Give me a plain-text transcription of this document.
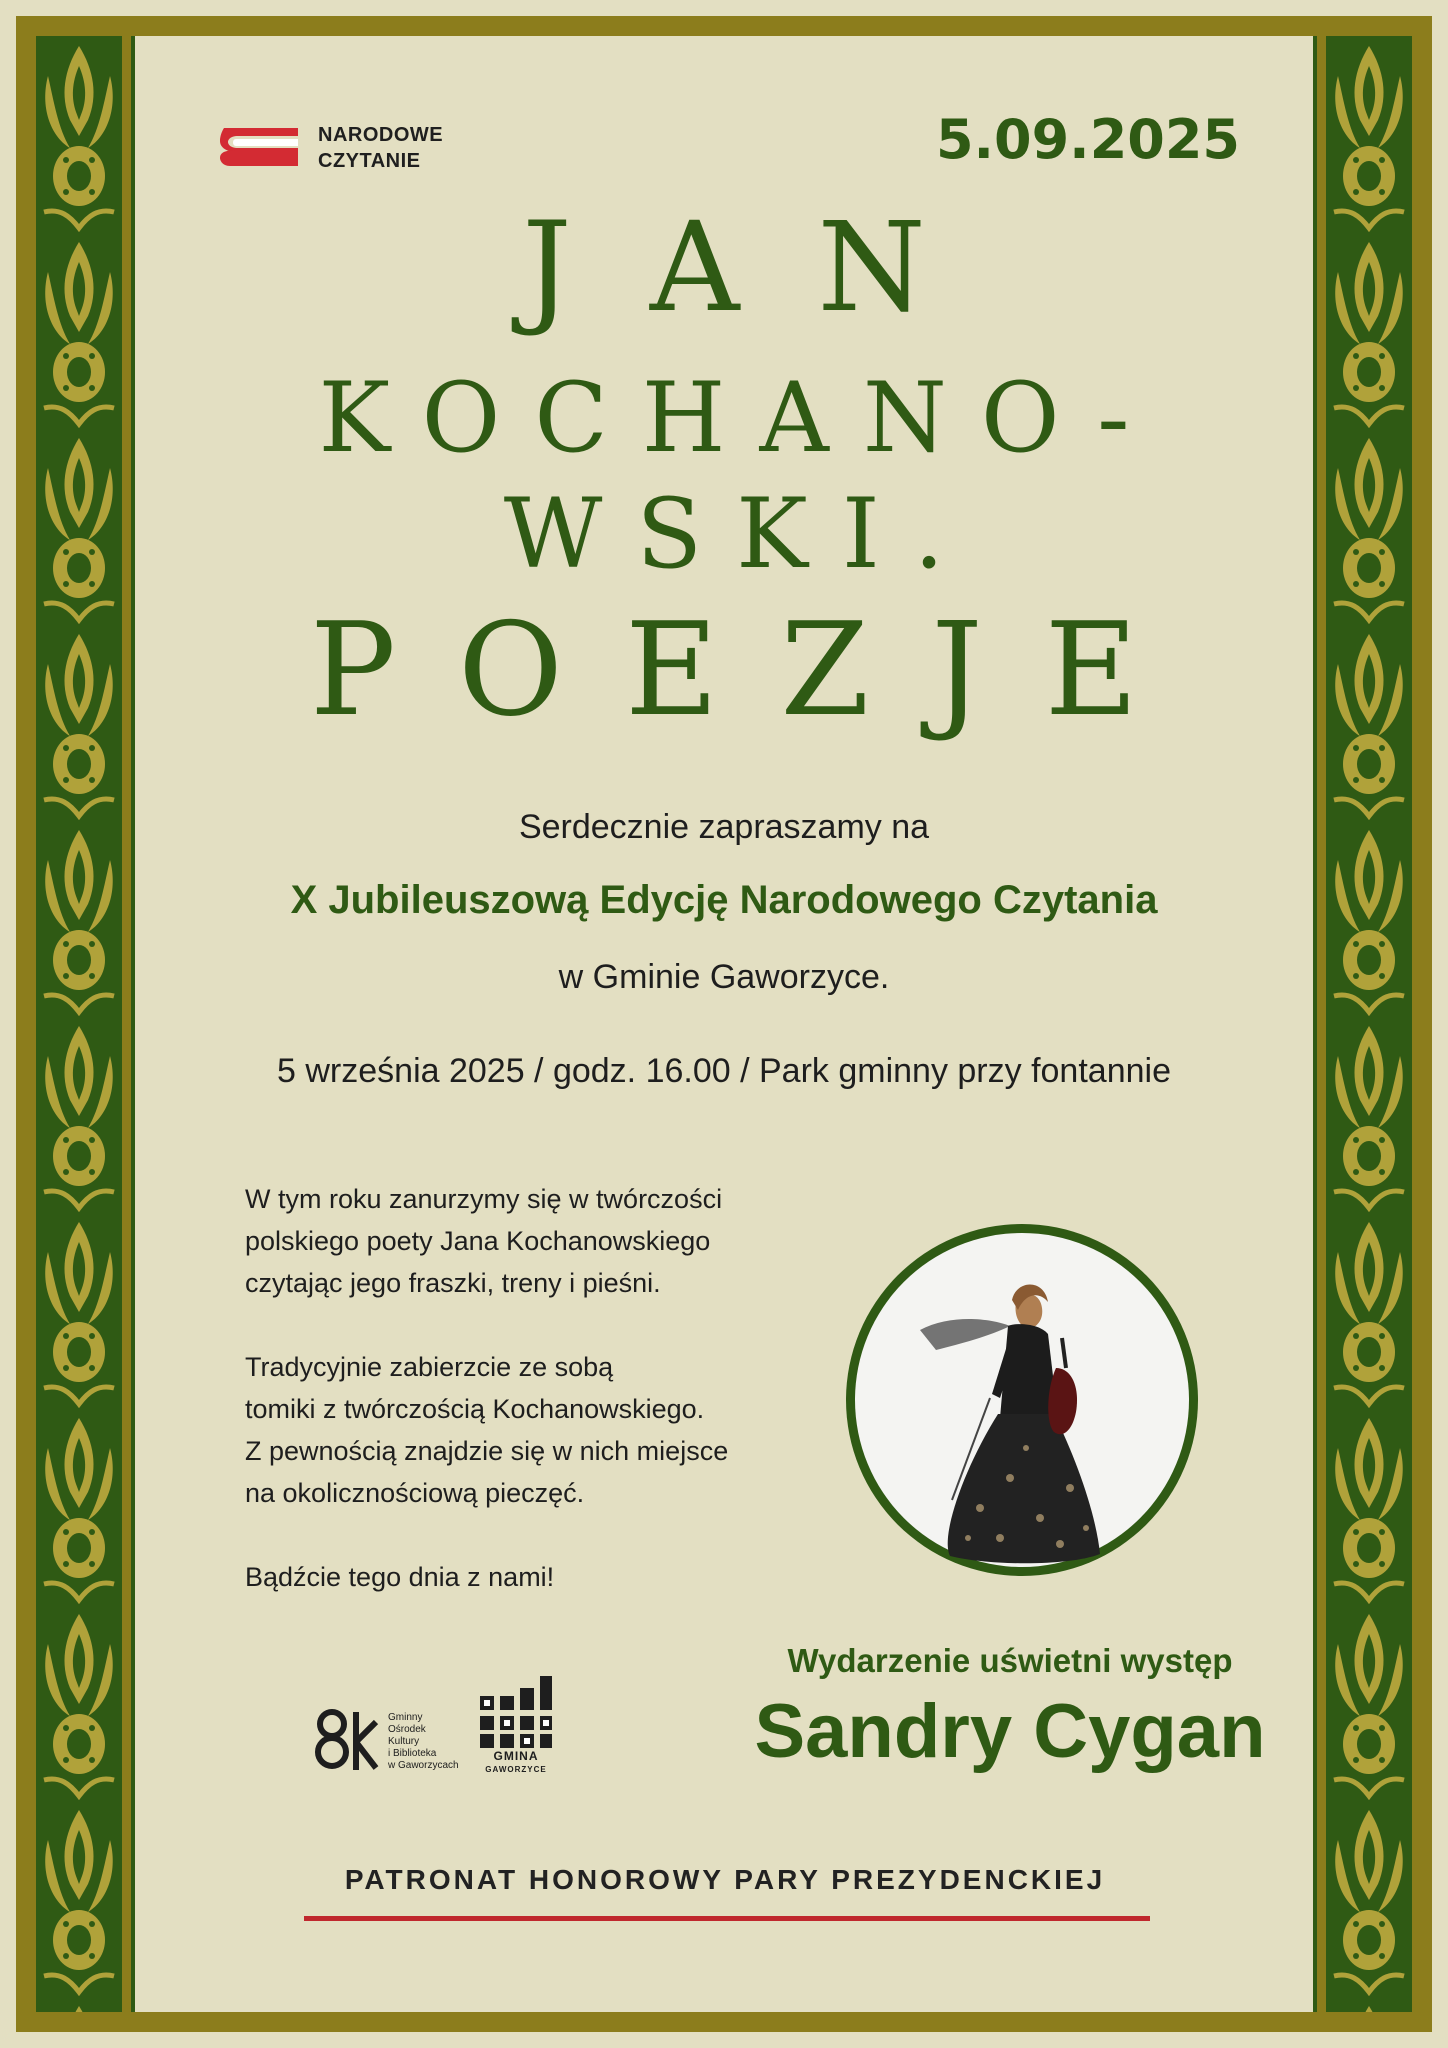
NARODOWE
CZYTANIE	5.09.2025
JAN
KOCHANO-
WSKI.
POEZJE
Serdecznie zapraszamy na
X Jubileuszową Edycję Narodowego Czytania
w Gminie Gaworzyce.
5 września 2025 / godz. 16.00 / Park gminny przy fontannie
W tym roku zanurzymy się w twórczości
polskiego poety Jana Kochanowskiego
czytając jego fraszki, treny i pieśni.
Tradycyjnie zabierzcie ze sobą
tomiki z twórczością Kochanowskiego.
Z pewnością znajdzie się w nich miejsce
na okolicznościową pieczęć.
Bądźcie tego dnia z nami!
Wydarzenie uświetni występ
Sandry Cygan
Gminny
Ośrodek
Kultury
i Biblioteka
w Gaworzycach
GMINA
GAWORZYCE
PATRONAT HONOROWY PARY PREZYDENCKIEJ
